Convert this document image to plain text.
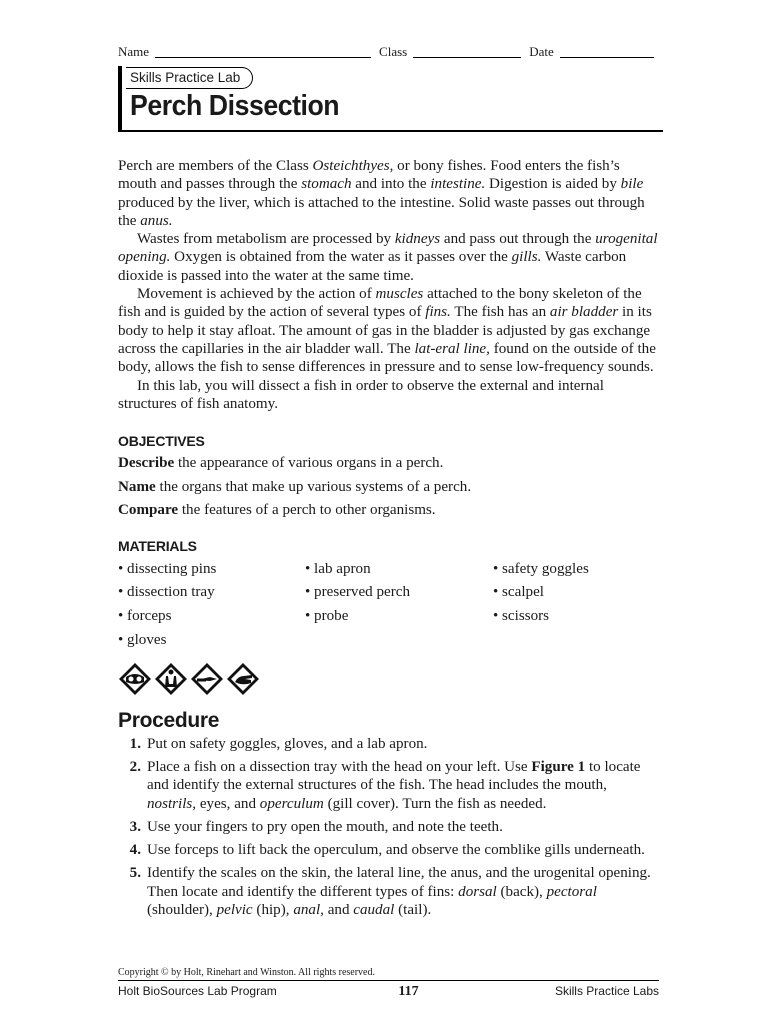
Name	Class	Date
Skills Practice Lab
Perch Dissection

Perch are members of the Class Osteichthyes, or bony fishes. Food enters the fish’s mouth and passes through the stomach and into the intestine. Digestion is aided by bile produced by the liver, which is attached to the intestine. Solid waste passes out through the anus.

Wastes from metabolism are processed by kidneys and pass out through the urogenital opening. Oxygen is obtained from the water as it passes over the gills. Waste carbon dioxide is passed into the water at the same time.

Movement is achieved by the action of muscles attached to the bony skeleton of the fish and is guided by the action of several types of fins. The fish has an air bladder in its body to help it stay afloat. The amount of gas in the bladder is adjusted by gas exchange across the capillaries in the air bladder wall. The lat-eral line, found on the outside of the body, allows the fish to sense differences in pressure and to sense low-frequency sounds.

In this lab, you will dissect a fish in order to observe the external and internal structures of fish anatomy.

OBJECTIVES

Describe the appearance of various organs in a perch.

Name the organs that make up various systems of a perch.

Compare the features of a perch to other organisms.

MATERIALS
• dissecting pins	• lab apron	• safety goggles
• dissection tray	• preserved perch	• scalpel
• forceps	• probe	• scissors
• gloves
Procedure
1. Put on safety goggles, gloves, and a lab apron.
2. Place a fish on a dissection tray with the head on your left. Use Figure 1 to locate and identify the external structures of the fish. The head includes the mouth, nostrils, eyes, and operculum (gill cover). Turn the fish as needed.
3. Use your fingers to pry open the mouth, and note the teeth.
4. Use forceps to lift back the operculum, and observe the comblike gills underneath.
5. Identify the scales on the skin, the lateral line, the anus, and the urogenital opening. Then locate and identify the different types of fins: dorsal (back), pectoral (shoulder), pelvic (hip), anal, and caudal (tail).
Copyright © by Holt, Rinehart and Winston. All rights reserved.
Holt BioSources Lab Program	117	Skills Practice Labs
